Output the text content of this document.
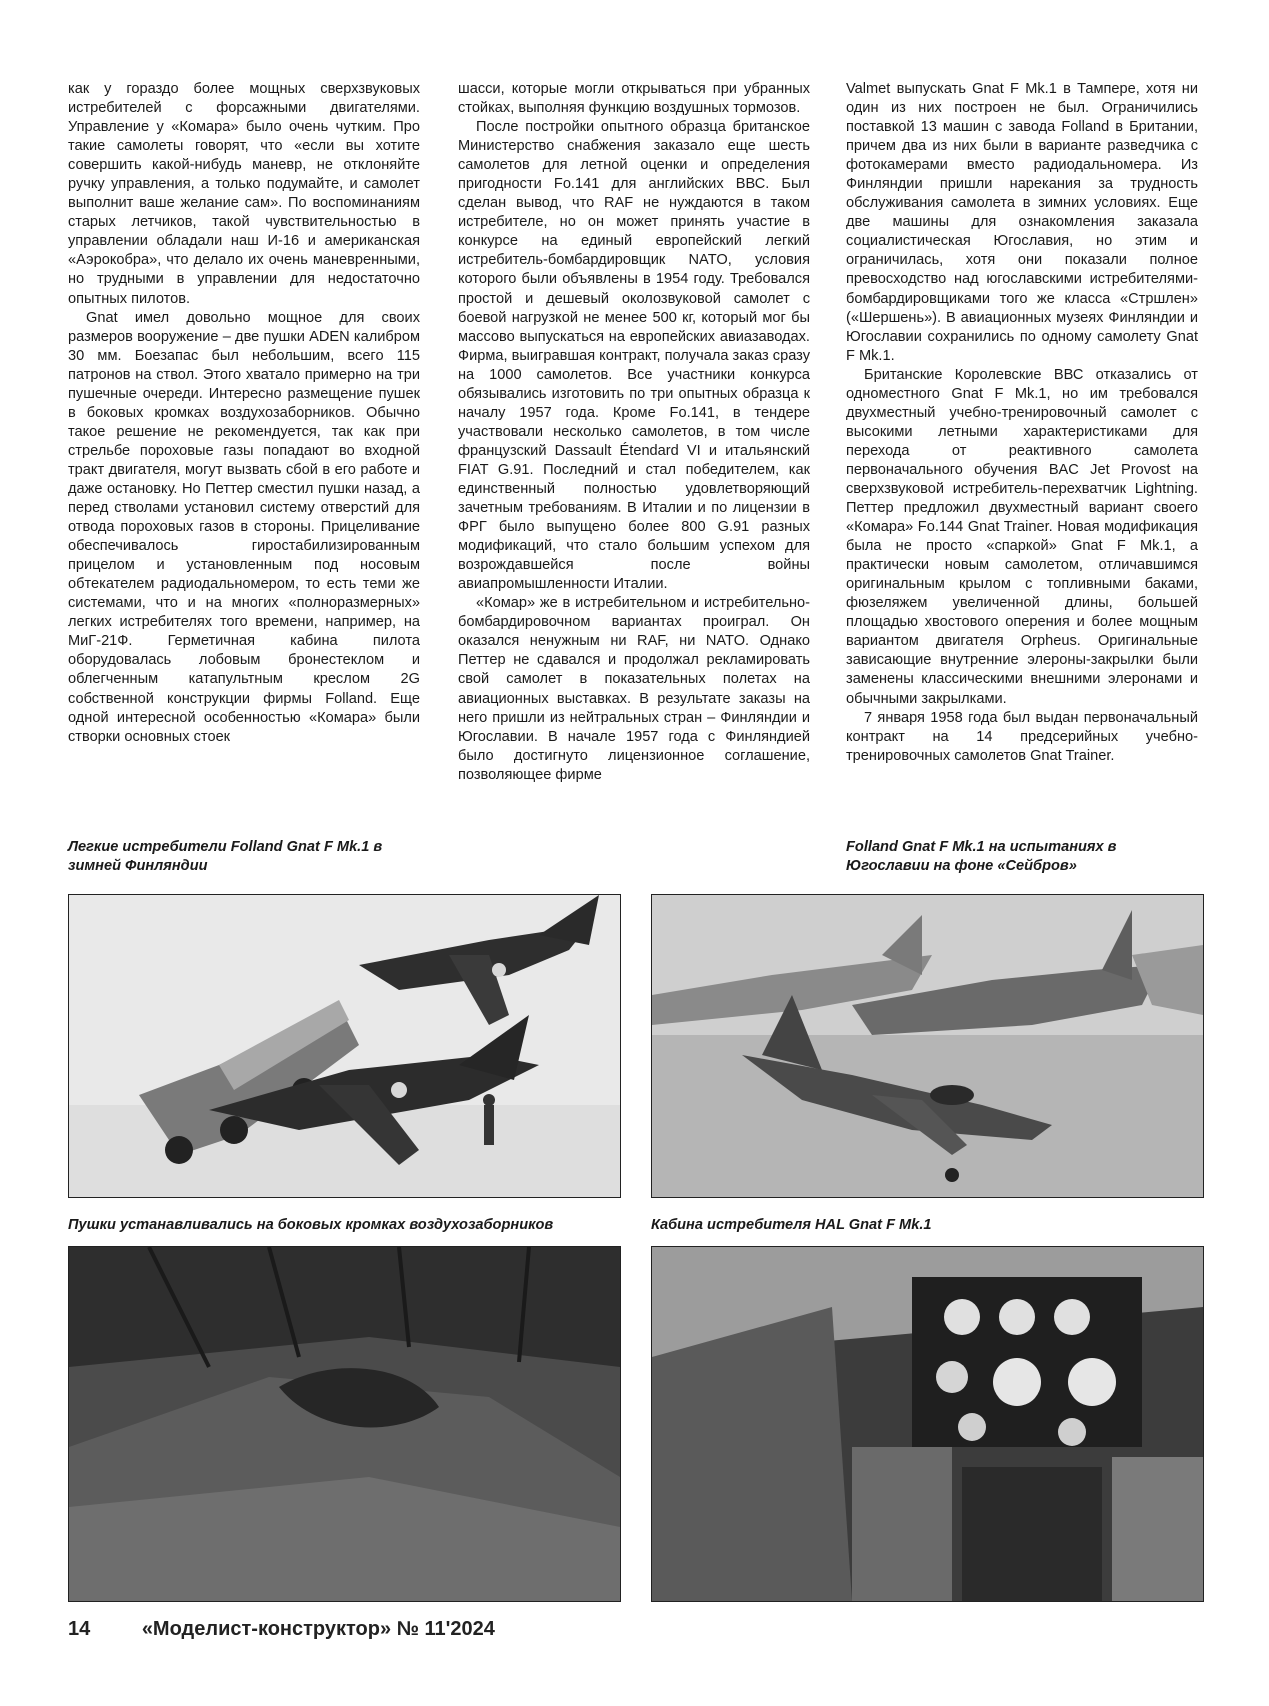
как у гораздо более мощных сверхзвуковых истребителей с форсажными двигателями. Управление у «Комара» было очень чутким. Про такие самолеты говорят, что «если вы хотите совершить какой-нибудь маневр, не отклоняйте ручку управления, а только подумайте, и самолет выполнит ваше желание сам». По воспоминаниям старых летчиков, такой чувствительностью в управлении обладали наш И-16 и американская «Аэрокобра», что делало их очень маневренными, но трудными в управлении для недостаточно опытных пилотов.

Gnat имел довольно мощное для своих размеров вооружение – две пушки ADEN калибром 30 мм. Боезапас был небольшим, всего 115 патронов на ствол. Этого хватало примерно на три пушечные очереди. Интересно размещение пушек в боковых кромках воздухозаборников. Обычно такое решение не рекомендуется, так как при стрельбе пороховые газы попадают во входной тракт двигателя, могут вызвать сбой в его работе и даже остановку. Но Петтер сместил пушки назад, а перед стволами установил систему отверстий для отвода пороховых газов в стороны. Прицеливание обеспечивалось гиростабилизированным прицелом и установленным под носовым обтекателем радиодальномером, то есть теми же системами, что и на многих «полноразмерных» легких истребителях того времени, например, на МиГ-21Ф. Герметичная кабина пилота оборудовалась лобовым бронестеклом и облегченным катапультным креслом 2G собственной конструкции фирмы Folland. Еще одной интересной особенностью «Комара» были створки основных стоек

шасси, которые могли открываться при убранных стойках, выполняя функцию воздушных тормозов.

После постройки опытного образца британское Министерство снабжения заказало еще шесть самолетов для летной оценки и определения пригодности Fo.141 для английских ВВС. Был сделан вывод, что RAF не нуждаются в таком истребителе, но он может принять участие в конкурсе на единый европейский легкий истребитель-бомбардировщик NATO, условия которого были объявлены в 1954 году. Требовался простой и дешевый околозвуковой самолет с боевой нагрузкой не менее 500 кг, который мог бы массово выпускаться на европейских авиазаводах. Фирма, выигравшая контракт, получала заказ сразу на 1000 самолетов. Все участники конкурса обязывались изготовить по три опытных образца к началу 1957 года. Кроме Fo.141, в тендере участвовали несколько самолетов, в том числе французский Dassault Étendard VI и итальянский FIAT G.91. Последний и стал победителем, как единственный полностью удовлетворяющий зачетным требованиям. В Италии и по лицензии в ФРГ было выпущено более 800 G.91 разных модификаций, что стало большим успехом для возрождавшейся после войны авиапромышленности Италии.

«Комар» же в истребительном и истребительно-бомбардировочном вариантах проиграл. Он оказался ненужным ни RAF, ни NATO. Однако Петтер не сдавался и продолжал рекламировать свой самолет в показательных полетах на авиационных выставках. В результате заказы на него пришли из нейтральных стран – Финляндии и Югославии. В начале 1957 года с Финляндией было достигнуто лицензионное соглашение, позволяющее фирме

Valmet выпускать Gnat F Mk.1 в Тампере, хотя ни один из них построен не был. Ограничились поставкой 13 машин с завода Folland в Британии, причем два из них были в варианте разведчика с фотокамерами вместо радиодальномера. Из Финляндии пришли нарекания за трудность обслуживания самолета в зимних условиях. Еще две машины для ознакомления заказала социалистическая Югославия, но этим и ограничилась, хотя они показали полное превосходство над югославскими истребителями-бомбардировщиками того же класса «Стршлен» («Шершень»). В авиационных музеях Финляндии и Югославии сохранились по одному самолету Gnat F Mk.1.

Британские Королевские ВВС отказались от одноместного Gnat F Mk.1, но им требовался двухместный учебно-тренировочный самолет с высокими летными характеристиками для перехода от реактивного самолета первоначального обучения BAC Jet Provost на сверхзвуковой истребитель-перехватчик Lightning. Петтер предложил двухместный вариант своего «Комара» Fo.144 Gnat Trainer. Новая модификация была не просто «спаркой» Gnat F Mk.1, а практически новым самолетом, отличавшимся оригинальным крылом с топливными баками, фюзеляжем увеличенной длины, большей площадью хвостового оперения и более мощным вариантом двигателя Orpheus. Оригинальные зависающие внутренние элероны-закрылки были заменены классическими внешними элеронами и обычными закрылками.

7 января 1958 года был выдан первоначальный контракт на 14 предсерийных учебно-тренировочных самолетов Gnat Trainer.

Легкие истребители Folland Gnat F Mk.1 в зимней Финляндии
Folland Gnat F Mk.1 на испытаниях в Югославии на фоне «Сейбров»
Пушки устанавливались на боковых кромках воздухозаборников	Кабина истребителя HAL Gnat F Mk.1
14	«Моделист-конструктор» № 11'2024
